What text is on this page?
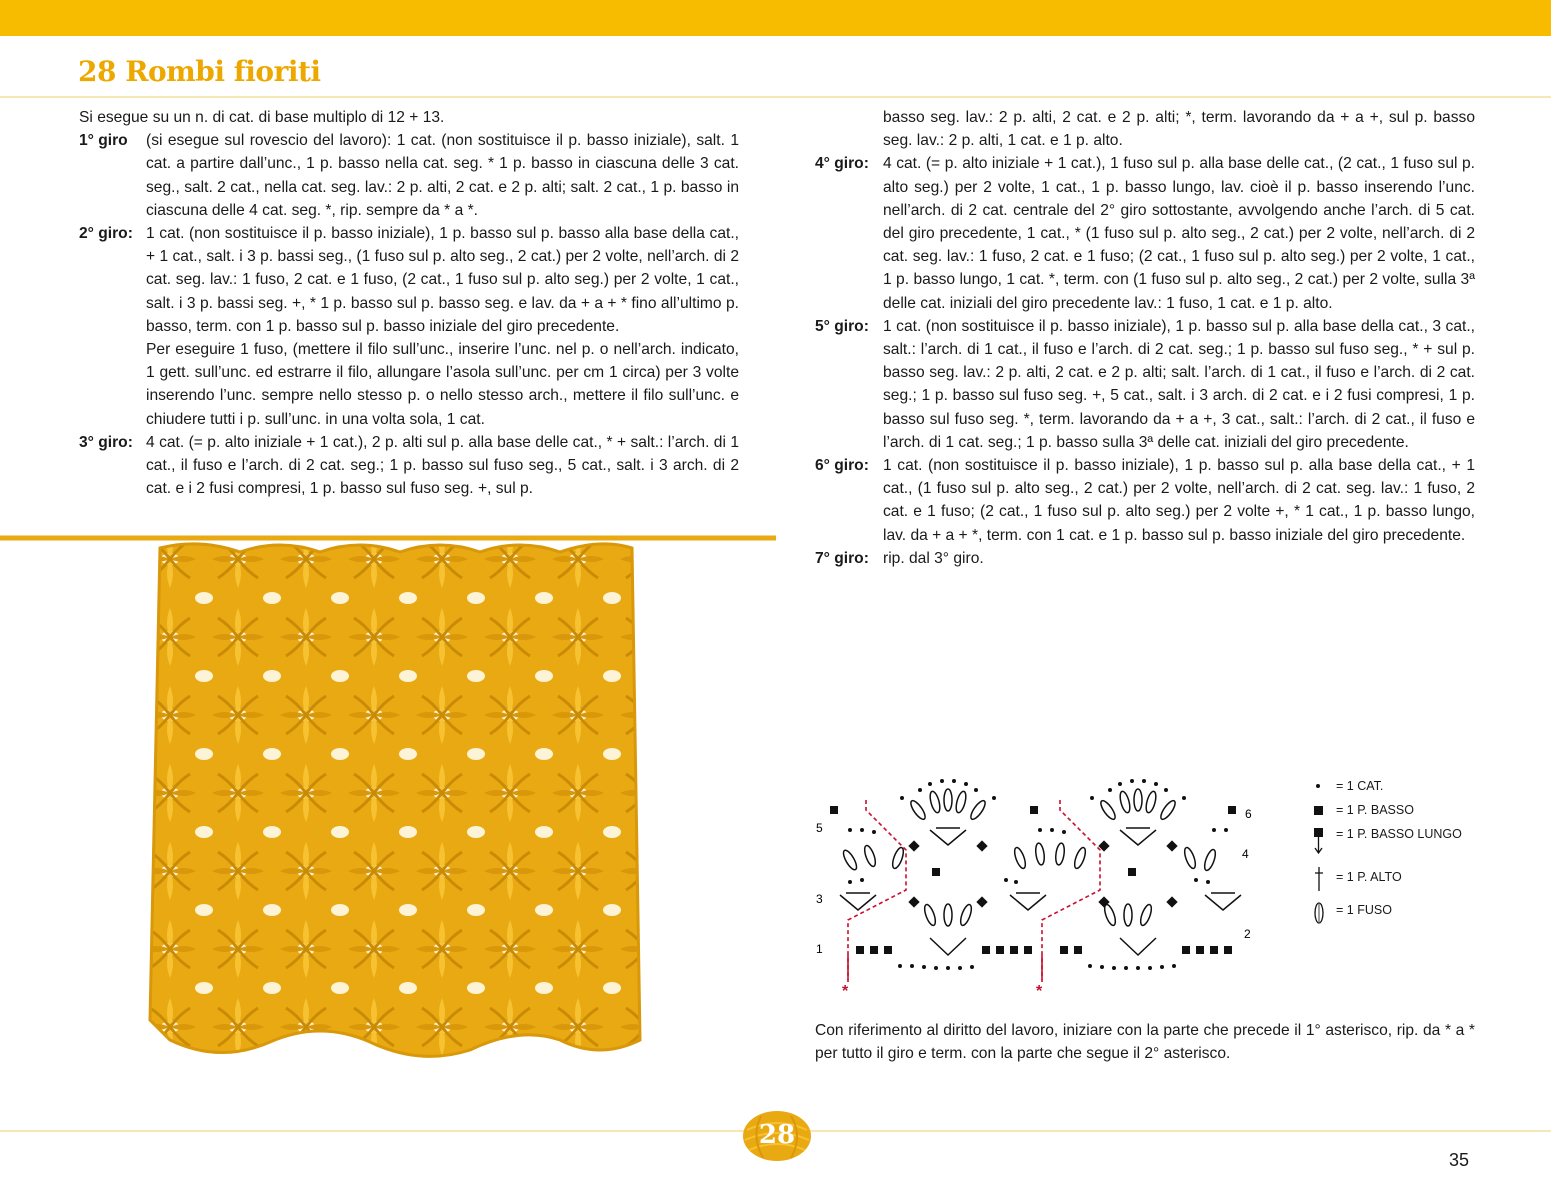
28 Rombi fioriti
Si esegue su un n. di cat. di base multiplo di 12 + 13.
1° giro	(si esegue sul rovescio del lavoro): 1 cat. (non sostituisce il p. basso iniziale), salt. 1 cat. a partire dall’unc., 1 p. basso nella cat. seg. * 1 p. basso in ciascuna delle 3 cat. seg., salt. 2 cat., nella cat. seg. lav.: 2 p. alti, 2 cat. e 2 p. alti; salt. 2 cat., 1 p. basso in ciascuna delle 4 cat. seg. *, rip. sempre da * a *.
2° giro: 1 cat. (non sostituisce il p. basso iniziale), 1 p. basso sul p. basso alla base della cat., + 1 cat., salt. i 3 p. bassi seg., (1 fuso sul p. alto seg., 2 cat.) per 2 volte, nell’arch. di 2 cat. seg. lav.: 1 fuso, 2 cat. e 1 fuso, (2 cat., 1 fuso sul p. alto seg.) per 2 volte, 1 cat., salt. i 3 p. bassi seg. +, * 1 p. basso sul p. basso seg. e lav. da + a + * fino all’ultimo p. basso, term. con 1 p. basso sul p. basso iniziale del giro precedente.
Per eseguire 1 fuso, (mettere il filo sull’unc., inserire l’unc. nel p. o nell’arch. indicato, 1 gett. sull’unc. ed estrarre il filo, allungare l’asola sull’unc. per cm 1 circa) per 3 volte inserendo l’unc. sempre nello stesso p. o nello stesso arch., mettere il filo sull’unc. e chiudere tutti i p. sull’unc. in una volta sola, 1 cat.
3° giro: 4 cat. (= p. alto iniziale + 1 cat.), 2 p. alti sul p. alla base delle cat., * + salt.: l’arch. di 1 cat., il fuso e l’arch. di 2 cat. seg.; 1 p. basso sul fuso seg., 5 cat., salt. i 3 arch. di 2 cat. e i 2 fusi compresi, 1 p. basso sul fuso seg. +, sul p.
basso seg. lav.: 2 p. alti, 2 cat. e 2 p. alti; *, term. lavorando da + a +, sul p. basso seg. lav.: 2 p. alti, 1 cat. e 1 p. alto.
4° giro: 4 cat. (= p. alto iniziale + 1 cat.), 1 fuso sul p. alla base delle cat., (2 cat., 1 fuso sul p. alto seg.) per 2 volte, 1 cat., 1 p. basso lungo, lav. cioè il p. basso inserendo l’unc. nell’arch. di 2 cat. centrale del 2° giro sottostante, avvolgendo anche l’arch. di 5 cat. del giro precedente, 1 cat., * (1 fuso sul p. alto seg., 2 cat.) per 2 volte, nell’arch. di 2 cat. seg. lav.: 1 fuso, 2 cat. e 1 fuso; (2 cat., 1 fuso sul p. alto seg.) per 2 volte, 1 cat., 1 p. basso lungo, 1 cat. *, term. con (1 fuso sul p. alto seg., 2 cat.) per 2 volte, sulla 3ª delle cat. iniziali del giro precedente lav.: 1 fuso, 1 cat. e 1 p. alto.
5° giro: 1 cat. (non sostituisce il p. basso iniziale), 1 p. basso sul p. alla base della cat., 3 cat., salt.: l’arch. di 1 cat., il fuso e l’arch. di 2 cat. seg.; 1 p. basso sul fuso seg., * + sul p. basso seg. lav.: 2 p. alti, 2 cat. e 2 p. alti; salt. l’arch. di 1 cat., il fuso e l’arch. di 2 cat. seg.; 1 p. basso sul fuso seg. +, 5 cat., salt. i 3 arch. di 2 cat. e i 2 fusi compresi, 1 p. basso sul fuso seg. *, term. lavorando da + a +, 3 cat., salt.: l’arch. di 2 cat., il fuso e l’arch. di 1 cat. seg.; 1 p. basso sulla 3ª delle cat. iniziali del giro precedente.
6° giro: 1 cat. (non sostituisce il p. basso iniziale), 1 p. basso sul p. alla base della cat., + 1 cat., (1 fuso sul p. alto seg., 2 cat.) per 2 volte, nell’arch. di 2 cat. seg. lav.: 1 fuso, 2 cat. e 1 fuso; (2 cat., 1 fuso sul p. alto seg.) per 2 volte +, * 1 cat., 1 p. basso lungo, lav. da + a + *, term. con 1 cat. e 1 p. basso sul p. basso iniziale del giro precedente.
7° giro: rip. dal 3° giro.
5
3
1
6
4
2
*	*
= 1 CAT.
= 1 P. BASSO
= 1 P. BASSO LUNGO
= 1 P. ALTO
= 1 FUSO
Con riferimento al diritto del lavoro, iniziare con la parte che precede il 1° asterisco, rip. da * a * per tutto il giro e term. con la parte che segue il 2° asterisco.
28
35
